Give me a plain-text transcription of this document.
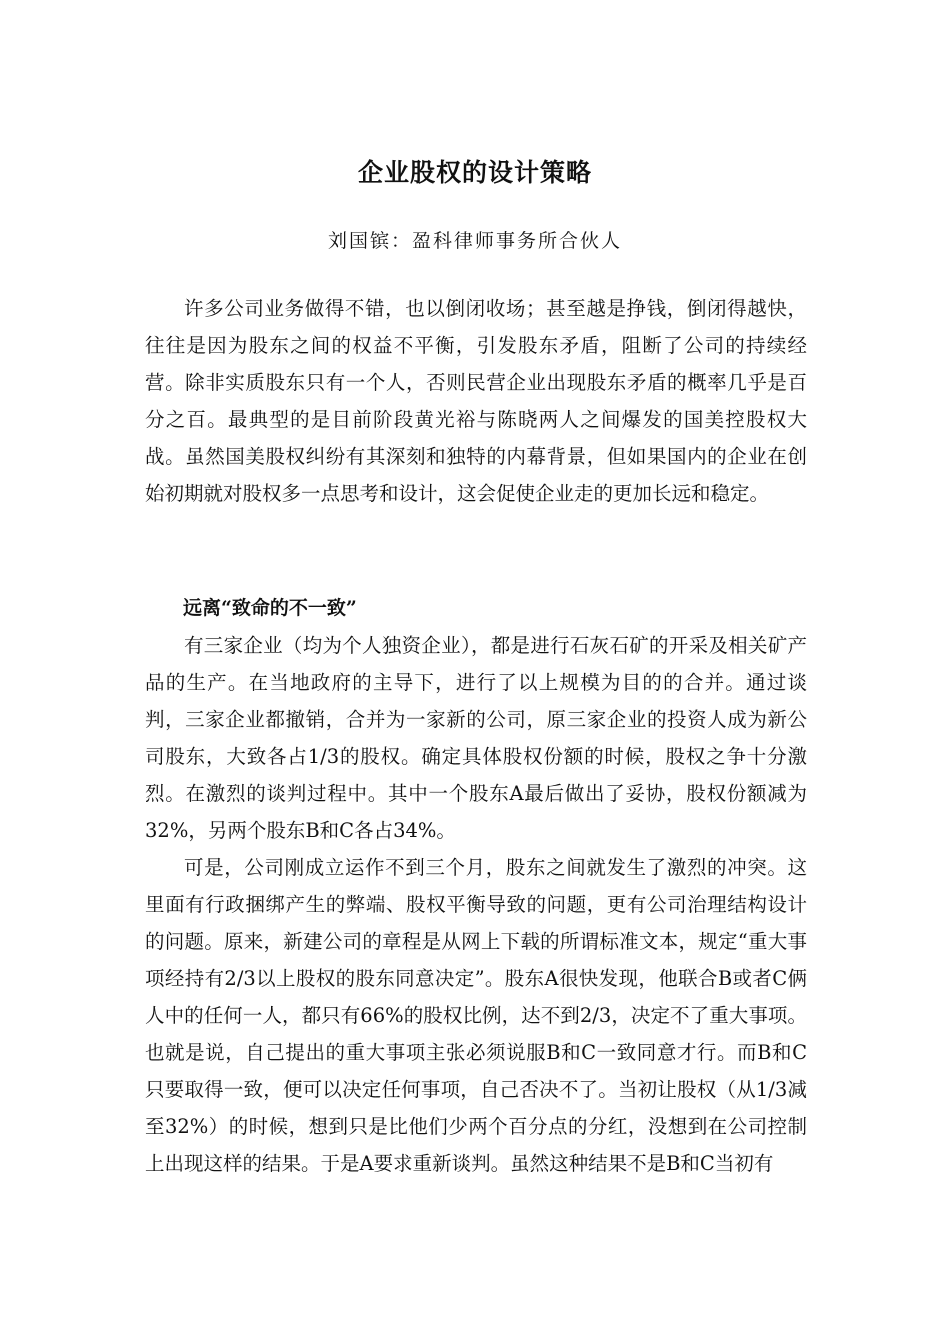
企业股权的设计策略
刘国镔：盈科律师事务所合伙人

许多公司业务做得不错，也以倒闭收场；甚至越是挣钱，倒闭得越快，往往是因为股东之间的权益不平衡，引发股东矛盾，阻断了公司的持续经营。除非实质股东只有一个人，否则民营企业出现股东矛盾的概率几乎是百分之百。最典型的是目前阶段黄光裕与陈晓两人之间爆发的国美控股权大战。虽然国美股权纠纷有其深刻和独特的内幕背景，但如果国内的企业在创始初期就对股权多一点思考和设计，这会促使企业走的更加长远和稳定。

远离“致命的不一致”

有三家企业（均为个人独资企业），都是进行石灰石矿的开采及相关矿产品的生产。在当地政府的主导下，进行了以上规模为目的的合并。通过谈判，三家企业都撤销，合并为一家新的公司，原三家企业的投资人成为新公司股东，大致各占1/3的股权。确定具体股权份额的时候，股权之争十分激烈。在激烈的谈判过程中。其中一个股东A最后做出了妥协，股权份额减为32%，另两个股东B和C各占34%。

可是，公司刚成立运作不到三个月，股东之间就发生了激烈的冲突。这里面有行政捆绑产生的弊端、股权平衡导致的问题，更有公司治理结构设计的问题。原来，新建公司的章程是从网上下载的所谓标准文本，规定“重大事项经持有2/3以上股权的股东同意决定”。股东A很快发现，他联合B或者C俩人中的任何一人，都只有66%的股权比例，达不到2/3，决定不了重大事项。也就是说，自己提出的重大事项主张必须说服B和C一致同意才行。而B和C只要取得一致，便可以决定任何事项，自己否决不了。当初让股权（从1/3减至32%）的时候，想到只是比他们少两个百分点的分红，没想到在公司控制上出现这样的结果。于是A要求重新谈判。虽然这种结果不是B和C当初有
